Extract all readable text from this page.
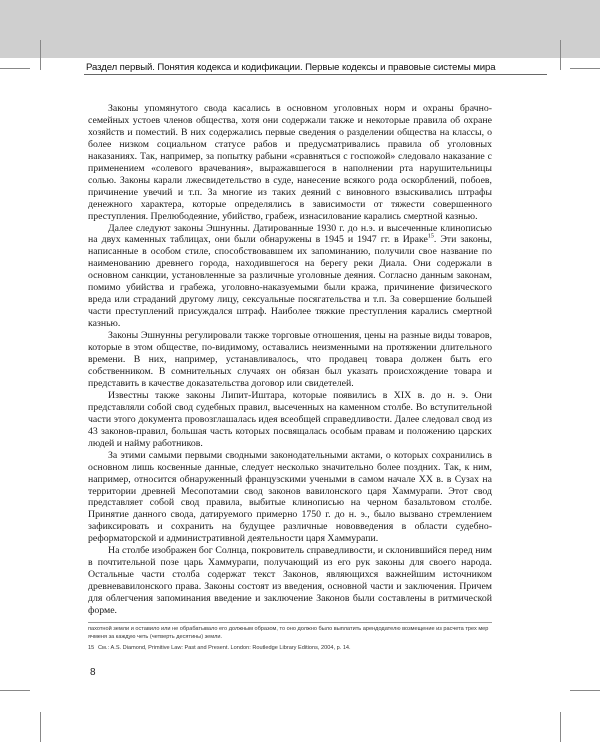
Раздел первый. Понятия кодекса и кодификации. Первые кодексы и правовые системы мира

Законы упомянутого свода касались в основном уголовных норм и охраны брачно-семейных устоев членов общества, хотя они содержали также и некоторые правила об охране хозяйств и поместий. В них содержались первые сведения о разделении общества на классы, о более низком социальном статусе рабов и предусматривались правила об уголовных наказаниях. Так, например, за попытку рабыни «сравняться с госпожой» следовало наказание с применением «солевого врачевания», выражавшегося в наполнении рта нарушительницы солью. Законы карали лжесвидетельство в суде, нанесение всякого рода оскорблений, побоев, причинение увечий и т.п. За многие из таких деяний с виновного взыскивались штрафы денежного характера, которые определялись в зависимости от тяжести совершенного преступления. Прелюбодеяние, убийство, грабеж, изнасилование карались смертной казнью.

Далее следуют законы Эшнунны. Датированные 1930 г. до н.э. и высеченные клинописью на двух каменных таблицах, они были обнаружены в 1945 и 1947 гг. в Ираке$^{15}$. Эти законы, написанные в особом стиле, способствовавшем их запоминанию, получили свое название по наименованию древнего города, находившегося на берегу реки Диала. Они содержали в основном санкции, установленные за различные уголовные деяния. Согласно данным законам, помимо убийства и грабежа, уголовно-наказуемыми были кража, причинение физического вреда или страданий другому лицу, сексуальные посягательства и т.п. За совершение большей части преступлений присуждался штраф. Наиболее тяжкие преступления карались смертной казнью.

Законы Эшнунны регулировали также торговые отношения, цены на разные виды товаров, которые в этом обществе, по-видимому, оставались неизменными на протяжении длительного времени. В них, например, устанавливалось, что продавец товара должен быть его собственником. В сомнительных случаях он обязан был указать происхождение товара и представить в качестве доказательства договор или свидетелей.

Известны также законы Липит-Иштара, которые появились в XIX в. до н. э. Они представляли собой свод судебных правил, высеченных на каменном столбе. Во вступительной части этого документа провозглашалась идея всеобщей справедливости. Далее следовал свод из 43 законов-правил, большая часть которых посвящалась особым правам и положению царских людей и найму работников.

За этими самыми первыми сводными законодательными актами, о которых сохранились в основном лишь косвенные данные, следует несколько значительно более поздних. Так, к ним, например, относится обнаруженный французскими учеными в самом начале XX в. в Сузах на территории древней Месопотамии свод законов вавилонского царя Хаммурапи. Этот свод представляет собой свод правила, выбитые клинописью на черном базальтовом столбе. Принятие данного свода, датируемого примерно 1750 г. до н. э., было вызвано стремлением зафиксировать и сохранить на будущее различные нововведения в области судебно-реформаторской и административной деятельности царя Хаммурапи.

На столбе изображен бог Солнца, покровитель справедливости, и склонившийся перед ним в почтительной позе царь Хаммурапи, получающий из его рук законы для своего народа. Остальные части столба содержат текст Законов, являющихся важнейшим источником древневавилонского права. Законы состоят из введения, основной части и заключения. Причем для облегчения запоминания введение и заключение Законов были составлены в ритмической форме.

пахотной земли и оставило или не обрабатывало его должным образом, то оно должно было выплатить арендодателю возмещение из расчета трех мер ячменя за каждую четь (четверть десятины) земли.

15 См.: A.S. Diamond, Primitive Law: Past and Present. London: Routledge Library Editions, 2004, p. 14.

8
